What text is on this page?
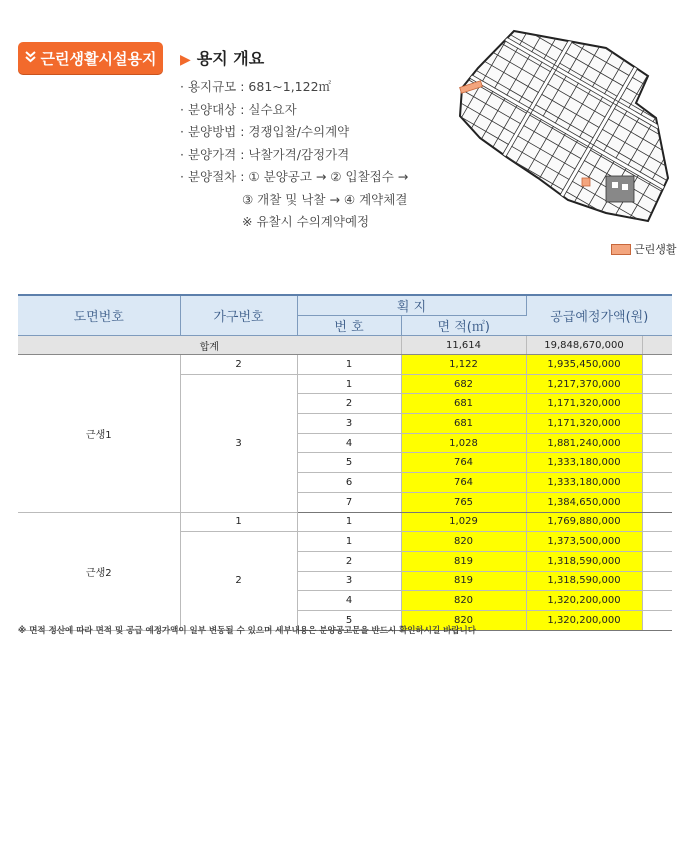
근린생활시설용지 ▶ 용지 개요
· 용지규모 : 681~1,122㎡
· 분양대상 : 실수요자
· 분양방법 : 경쟁입찰/수의계약
· 분양가격 : 낙찰가격/감정가격
· 분양절차 : ① 분양공고 → ② 입찰접수 →
③ 개찰 및 낙찰 → ④ 계약체결
※ 유찰시 수의계약예정
근린생활
도면번호	가구번호	획 지		공급예정가액(원)	
		번 호	면 적(㎡)		
합계			11,614	19,848,670,000	
근생1	2	1	1,122	1,935,450,000	
	3	1	682	1,217,370,000	
		2	681	1,171,320,000	
		3	681	1,171,320,000	
		4	1,028	1,881,240,000	
		5	764	1,333,180,000	
		6	764	1,333,180,000	
		7	765	1,384,650,000	
근생2	1	1	1,029	1,769,880,000	
	2	1	820	1,373,500,000	
		2	819	1,318,590,000	
		3	819	1,318,590,000	
		4	820	1,320,200,000	
		5	820	1,320,200,000	
※ 면적 정산에 따라 면적 및 공급 예정가액이 일부 변동될 수 있으며 세부내용은 분양공고문을 반드시 확인하시길 바랍니다
